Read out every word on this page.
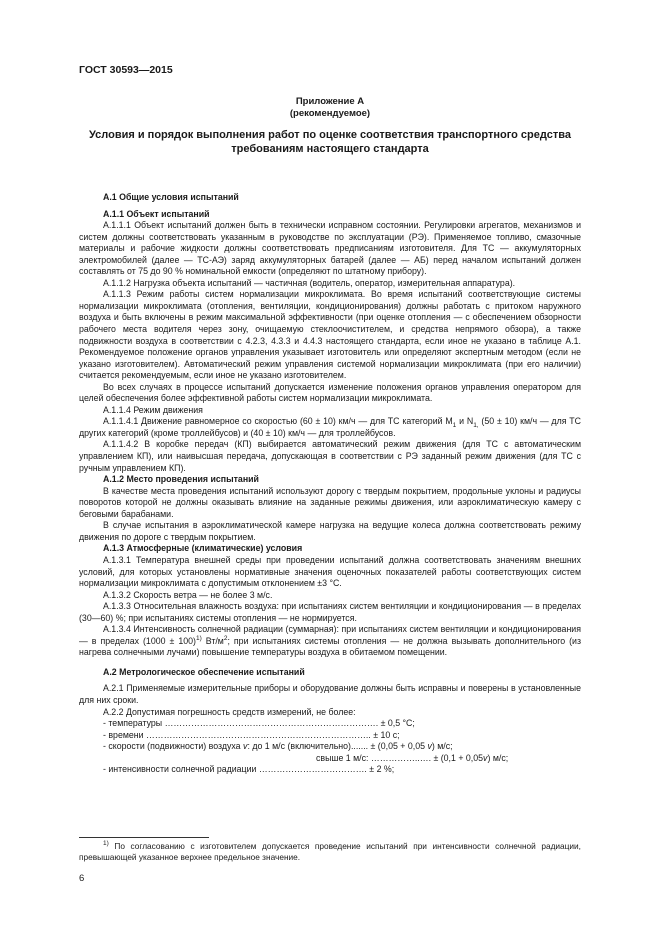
ГОСТ 30593—2015
Приложение А
(рекомендуемое)
Условия и порядок выполнения работ по оценке соответствия транспортного средства
требованиям настоящего стандарта

А.1 Общие условия испытаний

А.1.1 Объект испытаний

А.1.1.1 Объект испытаний должен быть в технически исправном состоянии. Регулировки агрегатов, механизмов и систем должны соответствовать указанным в руководстве по эксплуатации (РЭ). Применяемое топливо, смазочные материалы и рабочие жидкости должны соответствовать предписаниям изготовителя. Для ТС — аккумуляторных электромобилей (далее — ТС-АЭ) заряд аккумуляторных батарей (далее — АБ) перед началом испытаний должен составлять от 75 до 90 % номинальной емкости (определяют по штатному прибору).

А.1.1.2 Нагрузка объекта испытаний — частичная (водитель, оператор, измерительная аппаратура).

А.1.1.3 Режим работы систем нормализации микроклимата. Во время испытаний соответствующие системы нормализации микроклимата (отопления, вентиляции, кондиционирования) должны работать с притоком наружного воздуха и быть включены в режим максимальной эффективности (при оценке отопления — с обеспечением обзорности рабочего места водителя через зону, очищаемую стеклоочистителем, и средства непрямого обзора), а также подвижности воздуха в соответствии с 4.2.3, 4.3.3 и 4.4.3 настоящего стандарта, если иное не указано в таблице А.1. Рекомендуемое положение органов управления указывает изготовитель или определяют экспертным методом (если не указано изготовителем). Автоматический режим управления системой нормализации микроклимата (при его наличии) считается рекомендуемым, если иное не указано изготовителем.

Во всех случаях в процессе испытаний допускается изменение положения органов управления оператором для целей обеспечения более эффективной работы систем нормализации микроклимата.

А.1.1.4 Режим движения

А.1.1.4.1 Движение равномерное со скоростью (60 ± 10) км/ч — для ТС категорий $М_1$ и $N_{1,}$ (50 ± 10) км/ч — для ТС других категорий (кроме троллейбусов) и (40 ± 10) км/ч — для троллейбусов.

А.1.1.4.2 В коробке передач (КП) выбирается автоматический режим движения (для ТС с автоматическим управлением КП), или наивысшая передача, допускающая в соответствии с РЭ заданный режим движения (для ТС с ручным управлением КП).

А.1.2 Место проведения испытаний

В качестве места проведения испытаний используют дорогу с твердым покрытием, продольные уклоны и радиусы поворотов которой не должны оказывать влияние на заданные режимы движения, или аэроклиматическую камеру с беговыми барабанами.

В случае испытания в аэроклиматической камере нагрузка на ведущие колеса должна соответствовать режиму движения по дороге с твердым покрытием.

А.1.3 Атмосферные (климатические) условия

А.1.3.1 Температура внешней среды при проведении испытаний должна соответствовать значениям внешних условий, для которых установлены нормативные значения оценочных показателей работы соответствующих систем нормализации микроклимата с допустимым отклонением ±3 °С.

А.1.3.2 Скорость ветра — не более 3 м/с.

А.1.3.3 Относительная влажность воздуха: при испытаниях систем вентиляции и кондиционирования — в пределах (30—60) %; при испытаниях системы отопления — не нормируется.

А.1.3.4 Интенсивность солнечной радиации (суммарная): при испытаниях систем вентиляции и кондиционирования — в пределах $(1000 \pm 100)^{1)}$ $Вт/м^2$; при испытаниях системы отопления — не должна вызывать дополнительного (из нагрева солнечными лучами) повышение температуры воздуха в обитаемом помещении.

А.2 Метрологическое обеспечение испытаний

А.2.1 Применяемые измерительные приборы и оборудование должны быть исправны и поверены в установленные для них сроки.

А.2.2 Допустимая погрешность средств измерений, не более:

- температуры ………………………………………………………………. ± 0,5 °С;
- времени ………………………………………………………………….. ± 10 с;
- скорости (подвижности) воздуха v: до 1 м/с (включительно)....... ± (0,05 + 0,05 v) м/с;
свыше 1 м/с: ……………..…. ± (0,1 + 0,05v) м/с;
- интенсивности солнечной радиации ………………………………. ± 2 %;
$^{1)}$ По согласованию с изготовителем допускается проведение испытаний при интенсивности солнечной радиации, превышающей указанное верхнее предельное значение.
6
